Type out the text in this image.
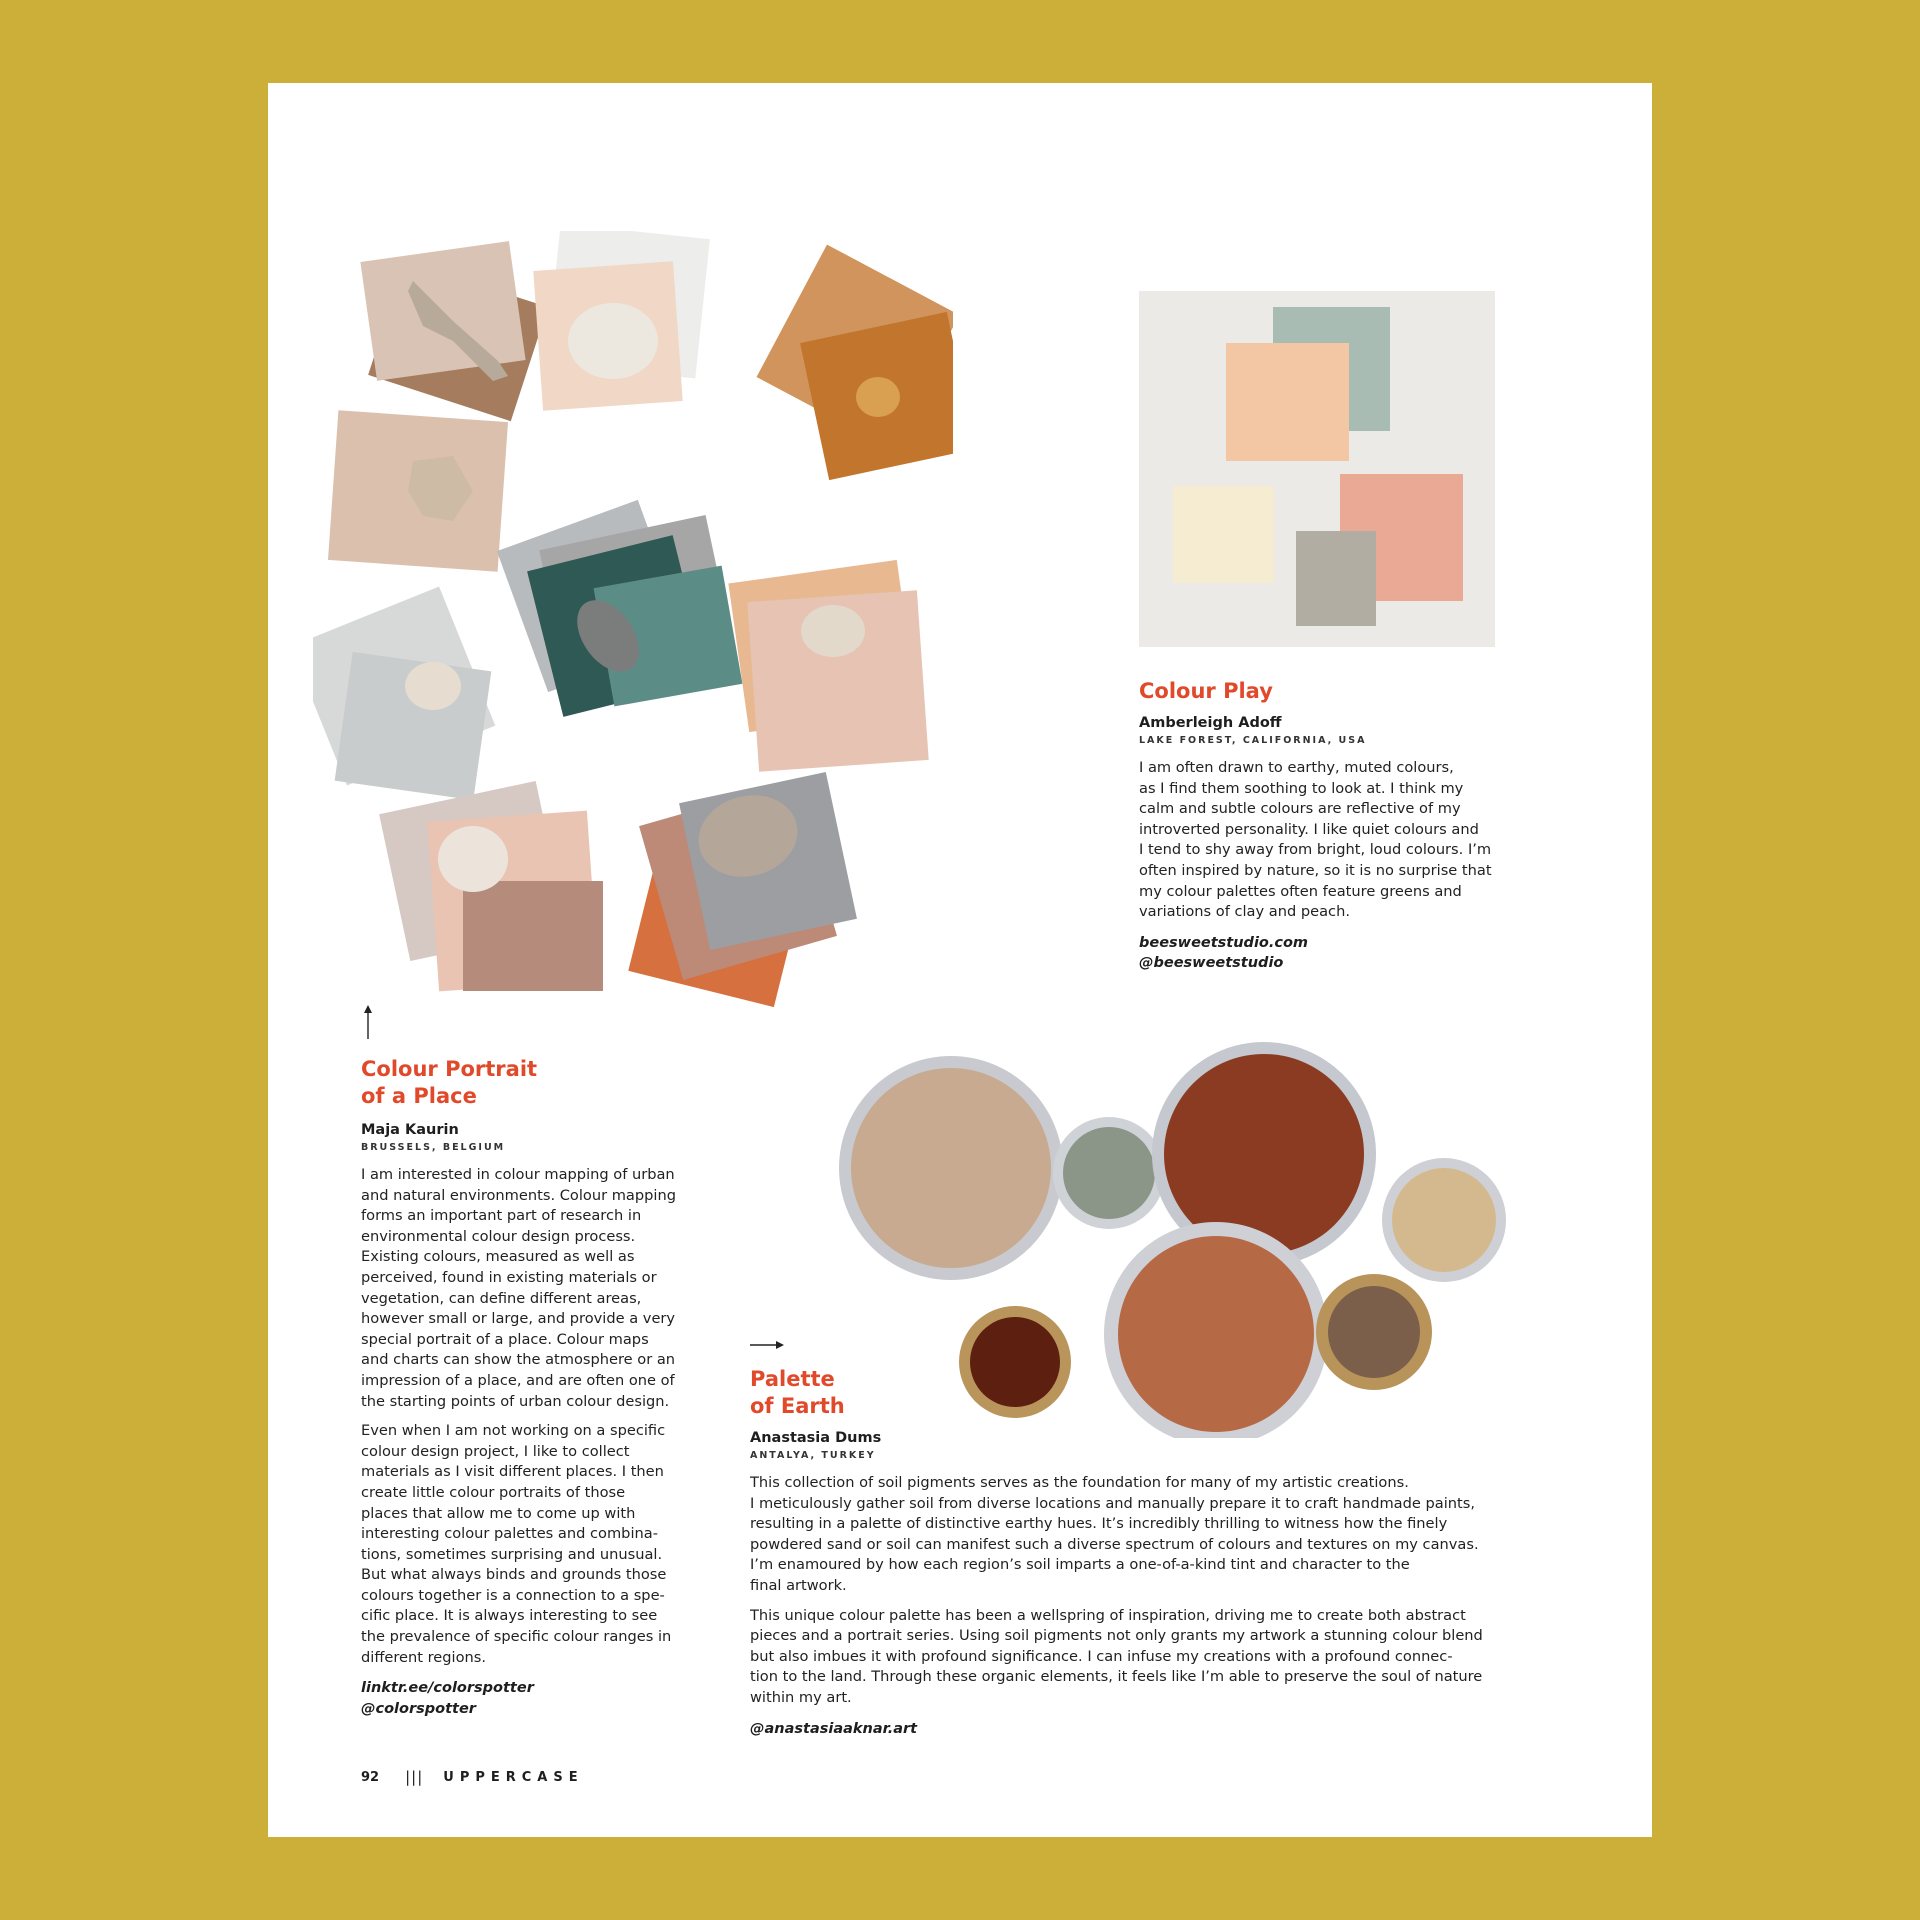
Colour Portrait
of a Place

Maja Kaurin

BRUSSELS, BELGIUM

I am interested in colour mapping of urban
and natural environments. Colour mapping
forms an important part of research in
environmental colour design process.
Existing colours, measured as well as
perceived, found in existing materials or
vegetation, can define different areas,
however small or large, and provide a very
special portrait of a place. Colour maps
and charts can show the atmosphere or an
impression of a place, and are often one of
the starting points of urban colour design.

Even when I am not working on a specific
colour design project, I like to collect
materials as I visit different places. I then
create little colour portraits of those
places that allow me to come up with
interesting colour palettes and combina-
tions, sometimes surprising and unusual.
But what always binds and grounds those
colours together is a connection to a spe-
cific place. It is always interesting to see
the prevalence of specific colour ranges in
different regions.

linktr.ee/colorspotter
@colorspotter

Colour Play

Amberleigh Adoff

LAKE FOREST, CALIFORNIA, USA

I am often drawn to earthy, muted colours,
as I find them soothing to look at. I think my
calm and subtle colours are reflective of my
introverted personality. I like quiet colours and
I tend to shy away from bright, loud colours. I’m
often inspired by nature, so it is no surprise that
my colour palettes often feature greens and
variations of clay and peach.

beesweetstudio.com
@beesweetstudio

Palette
of Earth

Anastasia Dums

ANTALYA, TURKEY

This collection of soil pigments serves as the foundation for many of my artistic creations.
I meticulously gather soil from diverse locations and manually prepare it to craft handmade paints,
resulting in a palette of distinctive earthy hues. It’s incredibly thrilling to witness how the finely
powdered sand or soil can manifest such a diverse spectrum of colours and textures on my canvas.
I’m enamoured by how each region’s soil imparts a one-of-a-kind tint and character to the
final artwork.

This unique colour palette has been a wellspring of inspiration, driving me to create both abstract
pieces and a portrait series. Using soil pigments not only grants my artwork a stunning colour blend
but also imbues it with profound significance. I can infuse my creations with a profound connec-
tion to the land. Through these organic elements, it feels like I’m able to preserve the soul of nature
within my art.

@anastasiaaknar.art

92 ||| UPPERCASE
